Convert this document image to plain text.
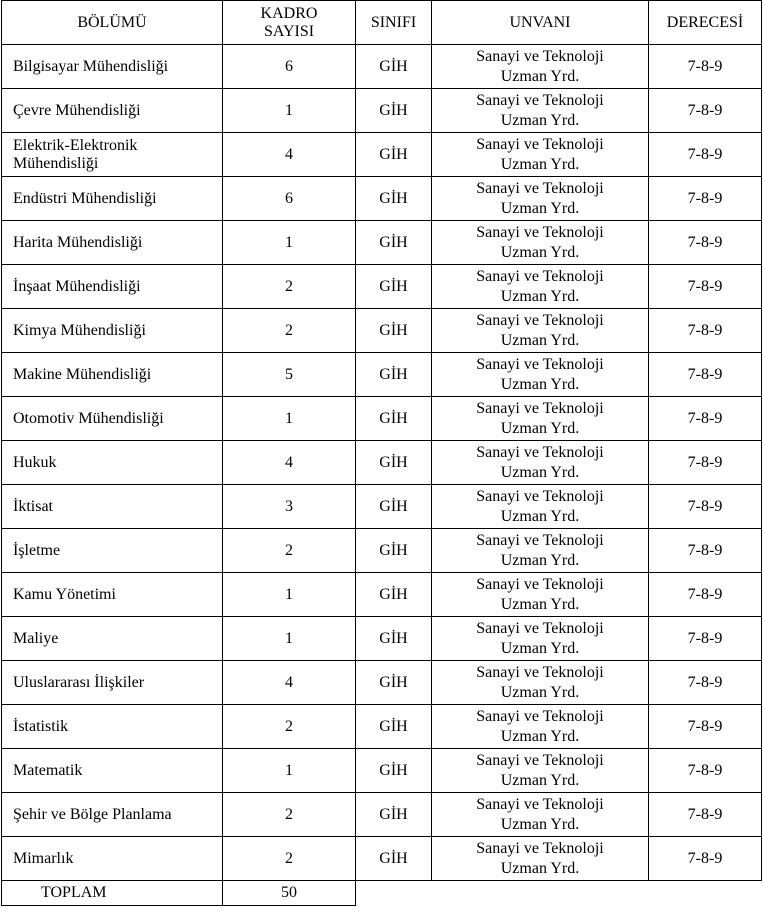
BÖLÜMÜ	KADRO
SAYISI	SINIFI	UNVANI	DERECESİ

Bilgisayar Mühendisliği	6	GİH	Sanayi ve Teknoloji
Uzman Yrd.	7-8-9

Çevre Mühendisliği	1	GİH	Sanayi ve Teknoloji
Uzman Yrd.	7-8-9

Elektrik-Elektronik
Mühendisliği	4	GİH	Sanayi ve Teknoloji
Uzman Yrd.	7-8-9

Endüstri Mühendisliği	6	GİH	Sanayi ve Teknoloji
Uzman Yrd.	7-8-9

Harita Mühendisliği	1	GİH	Sanayi ve Teknoloji
Uzman Yrd.	7-8-9

İnşaat Mühendisliği	2	GİH	Sanayi ve Teknoloji
Uzman Yrd.	7-8-9

Kimya Mühendisliği	2	GİH	Sanayi ve Teknoloji
Uzman Yrd.	7-8-9

Makine Mühendisliği	5	GİH	Sanayi ve Teknoloji
Uzman Yrd.	7-8-9

Otomotiv Mühendisliği	1	GİH	Sanayi ve Teknoloji
Uzman Yrd.	7-8-9

Hukuk	4	GİH	Sanayi ve Teknoloji
Uzman Yrd.	7-8-9

İktisat	3	GİH	Sanayi ve Teknoloji
Uzman Yrd.	7-8-9

İşletme	2	GİH	Sanayi ve Teknoloji
Uzman Yrd.	7-8-9

Kamu Yönetimi	1	GİH	Sanayi ve Teknoloji
Uzman Yrd.	7-8-9

Maliye	1	GİH	Sanayi ve Teknoloji
Uzman Yrd.	7-8-9

Uluslararası İlişkiler	4	GİH	Sanayi ve Teknoloji
Uzman Yrd.	7-8-9

İstatistik	2	GİH	Sanayi ve Teknoloji
Uzman Yrd.	7-8-9

Matematik	1	GİH	Sanayi ve Teknoloji
Uzman Yrd.	7-8-9

Şehir ve Bölge Planlama	2	GİH	Sanayi ve Teknoloji
Uzman Yrd.	7-8-9

Mimarlık	2	GİH	Sanayi ve Teknoloji
Uzman Yrd.	7-8-9

TOPLAM	50			
